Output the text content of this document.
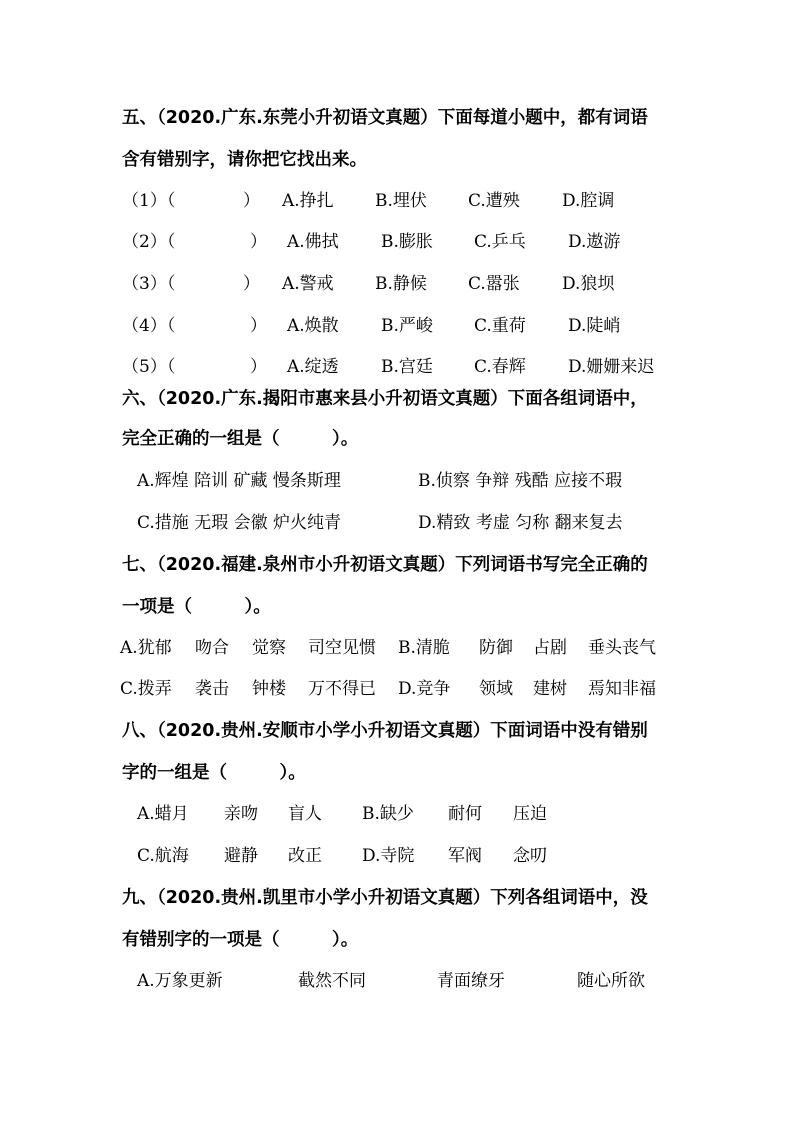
五、（2020.广东.东莞小升初语文真题）下面每道小题中，都有词语
含有错别字，请你把它找出来。
（1）（	） A.挣扎 B.埋伏 C.遭殃 D.腔调
（2）（	） A.佛拭 B.膨胀 C.乒乓 D.遨游
（3）（	） A.警戒 B.静候 C.嚣张 D.狼坝
（4）（	） A.焕散 B.严峻 C.重荷 D.陡峭
（5）（	） A.绽透 B.宫廷 C.春辉 D.姗姗来迟
六、（2020.广东.揭阳市惠来县小升初语文真题）下面各组词语中，
完全正确的一组是（　　　）。
A.辉煌 陪训 矿藏 慢条斯理	B.侦察 争辩 残酷 应接不瑕
C.措施 无瑕 会徽 炉火纯青	D.精致 考虚 匀称 翻来复去
七、（2020.福建.泉州市小升初语文真题）下列词语书写完全正确的
一项是（　　　）。
A.犹郁 吻合 觉察 司空见惯 B.清脆 防御 占剧 垂头丧气
C.拨弄 袭击 钟楼 万不得已 D.竞争 领域 建树 焉知非福
八、（2020.贵州.安顺市小学小升初语文真题）下面词语中没有错别
字的一组是（　　　）。
A.蜡月 亲吻 盲人 B.缺少 耐何 压迫
C.航海 避静 改正 D.寺院 军阀 念叨
九、（2020.贵州.凯里市小学小升初语文真题）下列各组词语中，没
有错别字的一项是（　　　）。
A.万象更新	截然不同	青面缭牙	随心所欲
